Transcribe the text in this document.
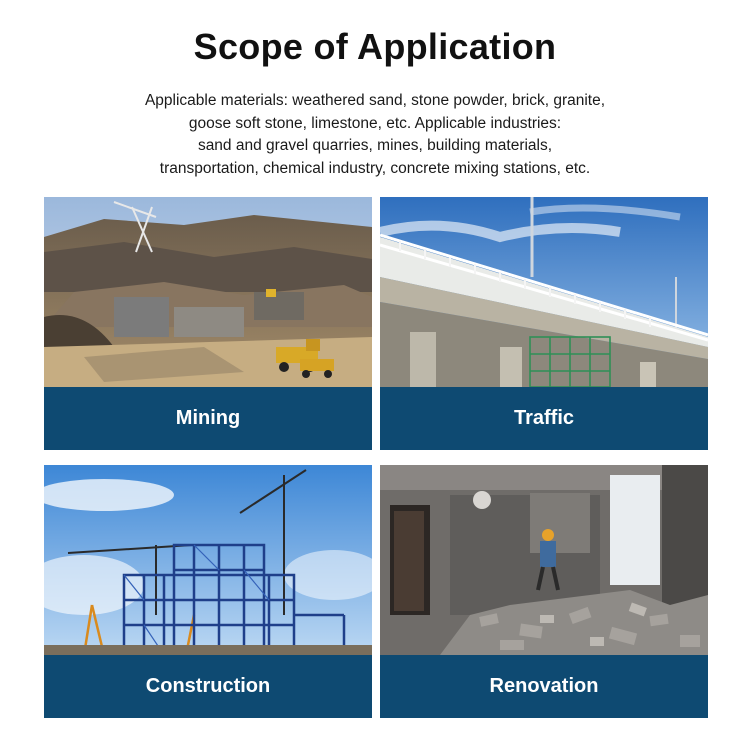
Scope of Application
Applicable materials: weathered sand, stone powder, brick, granite,
goose soft stone, limestone, etc. Applicable industries:
sand and gravel quarries, mines, building materials,
transportation, chemical industry, concrete mixing stations, etc.
Mining	Traffic
Construction	Renovation
